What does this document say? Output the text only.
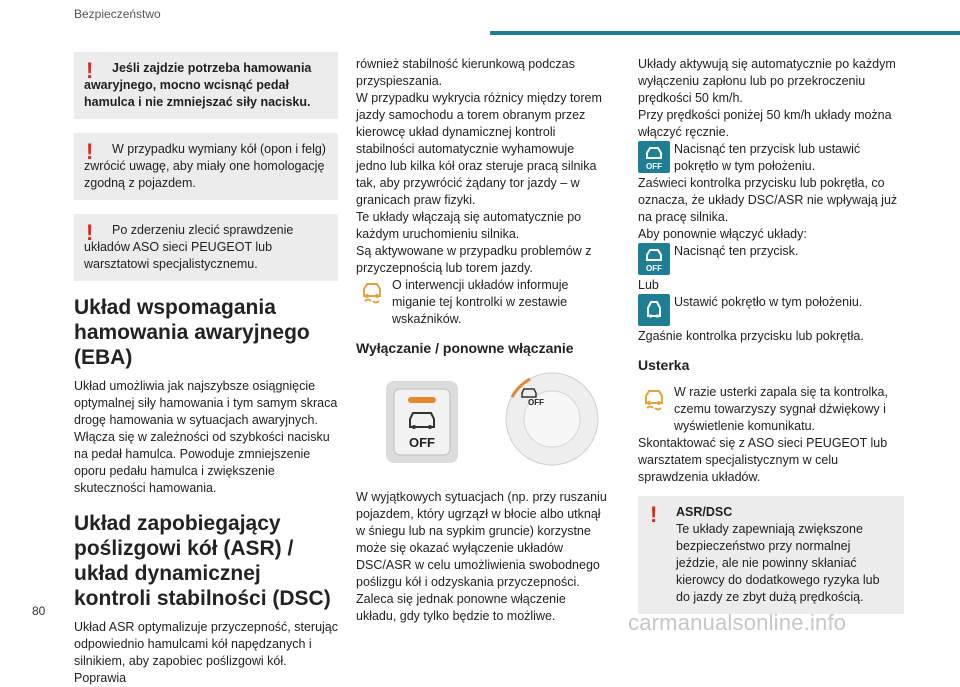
Bezpieczeństwo
!	Jeśli zajdzie potrzeba hamowania awaryjnego, mocno wcisnąć pedał hamulca i nie zmniejszać siły nacisku.

!	W przypadku wymiany kół (opon i felg) zwrócić uwagę, aby miały one homologację zgodną z pojazdem.

!	Po zderzeniu zlecić sprawdzenie układów ASO sieci PEUGEOT lub warsztatowi specjalistycznemu.

Układ wspomagania hamowania awaryjnego (EBA)

Układ umożliwia jak najszybsze osiągnięcie optymalnej siły hamowania i tym samym skraca drogę hamowania w sytuacjach awaryjnych. Włącza się w zależności od szybkości nacisku na pedał hamulca. Powoduje zmniejszenie oporu pedału hamulca i zwiększenie skuteczności hamowania.

Układ zapobiegający poślizgowi kół (ASR) / układ dynamicznej kontroli stabilności (DSC)

Układ ASR optymalizuje przyczepność, sterując odpowiednio hamulcami kół napędzanych i silnikiem, aby zapobiec poślizgowi kół. Poprawia

również stabilność kierunkową podczas przyspieszania.
W przypadku wykrycia różnicy między torem jazdy samochodu a torem obranym przez kierowcę układ dynamicznej kontroli stabilności automatycznie wyhamowuje jedno lub kilka kół oraz steruje pracą silnika tak, aby przywrócić żądany tor jazdy – w granicach praw fizyki.
Te układy włączają się automatycznie po każdym uruchomieniu silnika.
Są aktywowane w przypadku problemów z przyczepnością lub torem jazdy.

O interwencji układów informuje miganie tej kontrolki w zestawie wskaźników.
Wyłączanie / ponowne włączanie
OFF
OFF

W wyjątkowych sytuacjach (np. przy ruszaniu pojazdem, który ugrzązł w błocie albo utknął w śniegu lub na sypkim gruncie) korzystne może się okazać wyłączenie układów DSC/ASR w celu umożliwienia swobodnego poślizgu kół i odzyskania przyczepności.
Zaleca się jednak ponowne włączenie układu, gdy tylko będzie to możliwe.

Układy aktywują się automatycznie po każdym wyłączeniu zapłonu lub po przekroczeniu prędkości 50 km/h.
Przy prędkości poniżej 50 km/h układy można włączyć ręcznie.

OFF
Nacisnąć ten przycisk lub ustawić pokrętło w tym położeniu.

Zaświeci kontrolka przycisku lub pokrętła, co oznacza, że układy DSC/ASR nie wpływają już na pracę silnika.
Aby ponownie włączyć układy:

OFF
Nacisnąć ten przycisk.

Lub

Ustawić pokrętło w tym położeniu.

Zgaśnie kontrolka przycisku lub pokrętła.

Usterka
W razie usterki zapala się ta kontrolka, czemu towarzyszy sygnał dźwiękowy i wyświetlenie komunikatu.

Skontaktować się z ASO sieci PEUGEOT lub warsztatem specjalistycznym w celu sprawdzenia układów.

! ASR/DSC

Te układy zapewniają zwiększone bezpieczeństwo przy normalnej jeździe, ale nie powinny skłaniać kierowcy do dodatkowego ryzyka lub do jazdy ze zbyt dużą prędkością.

80	carmanualsonline.info
